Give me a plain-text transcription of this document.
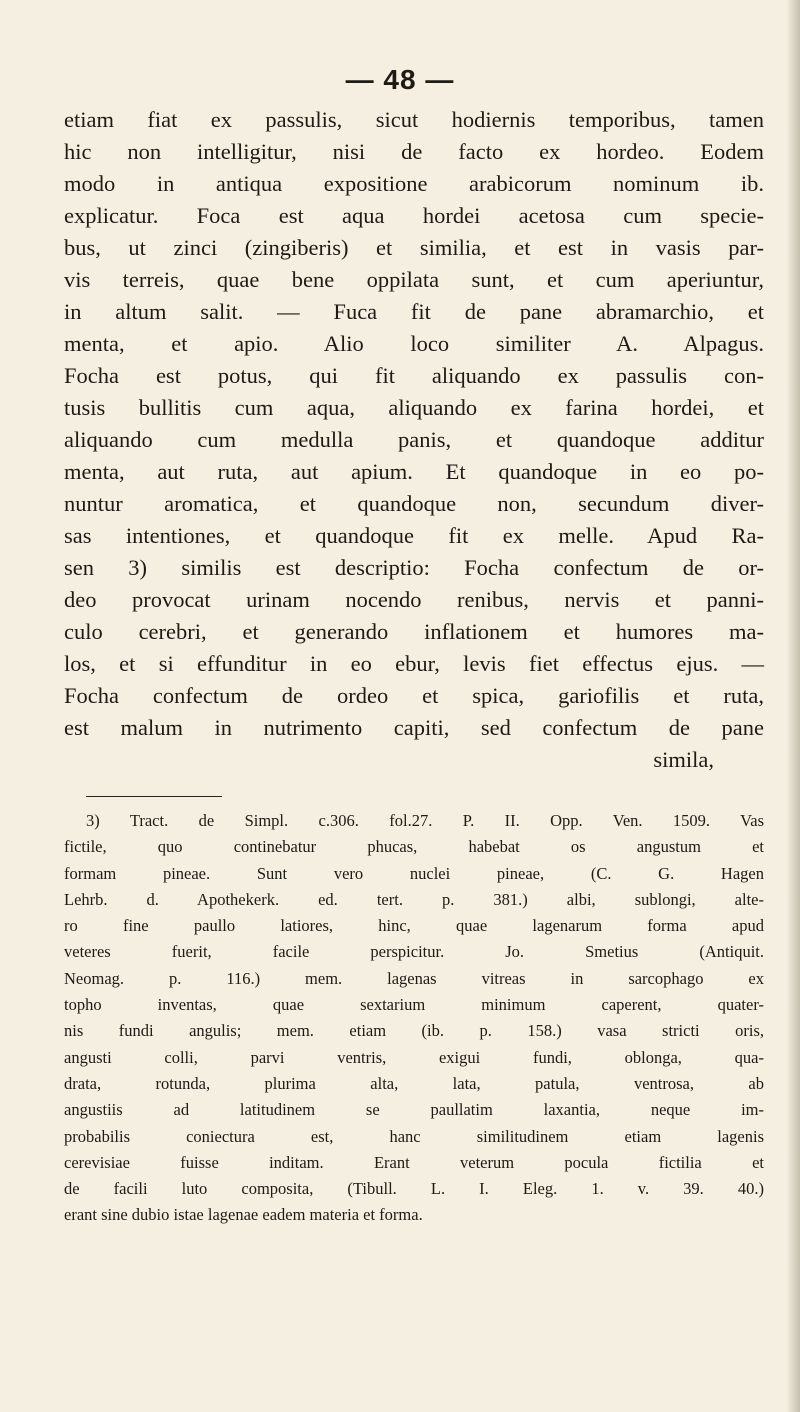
— 48 —
etiam fiat ex passulis, sicut hodiernis temporibus, tamen
hic non intelligitur, nisi de facto ex hordeo. Eodem
modo in antiqua expositione arabicorum nominum ib.
explicatur. Foca est aqua hordei acetosa cum specie-
bus, ut zinci (zingiberis) et similia, et est in vasis par-
vis terreis, quae bene oppilata sunt, et cum aperiuntur,
in altum salit. — Fuca fit de pane abramarchio, et
menta, et apio. Alio loco similiter A. Alpagus.
Focha est potus, qui fit aliquando ex passulis con-
tusis bullitis cum aqua, aliquando ex farina hordei, et
aliquando cum medulla panis, et quandoque additur
menta, aut ruta, aut apium. Et quandoque in eo po-
nuntur aromatica, et quandoque non, secundum diver-
sas intentiones, et quandoque fit ex melle. Apud Ra-
sen 3) similis est descriptio: Focha confectum de or-
deo provocat urinam nocendo renibus, nervis et panni-
culo cerebri, et generando inflationem et humores ma-
los, et si effunditur in eo ebur, levis fiet effectus ejus. —
Focha confectum de ordeo et spica, gariofilis et ruta,
est malum in nutrimento capiti, sed confectum de pane
simila,
3) Tract. de Simpl. c.306. fol.27. P. II. Opp. Ven. 1509. Vas
fictile, quo continebatur phucas, habebat os angustum et
formam pineae. Sunt vero nuclei pineae, (C. G. Hagen
Lehrb. d. Apothekerk. ed. tert. p. 381.) albi, sublongi, alte-
ro fine paullo latiores, hinc, quae lagenarum forma apud
veteres fuerit, facile perspicitur. Jo. Smetius (Antiquit.
Neomag. p. 116.) mem. lagenas vitreas in sarcophago ex
topho inventas, quae sextarium minimum caperent, quater-
nis fundi angulis; mem. etiam (ib. p. 158.) vasa stricti oris,
angusti colli, parvi ventris, exigui fundi, oblonga, qua-
drata, rotunda, plurima alta, lata, patula, ventrosa, ab
angustiis ad latitudinem se paullatim laxantia, neque im-
probabilis coniectura est, hanc similitudinem etiam lagenis
cerevisiae fuisse inditam. Erant veterum pocula fictilia et
de facili luto composita, (Tibull. L. I. Eleg. 1. v. 39. 40.)
erant sine dubio istae lagenae eadem materia et forma.
